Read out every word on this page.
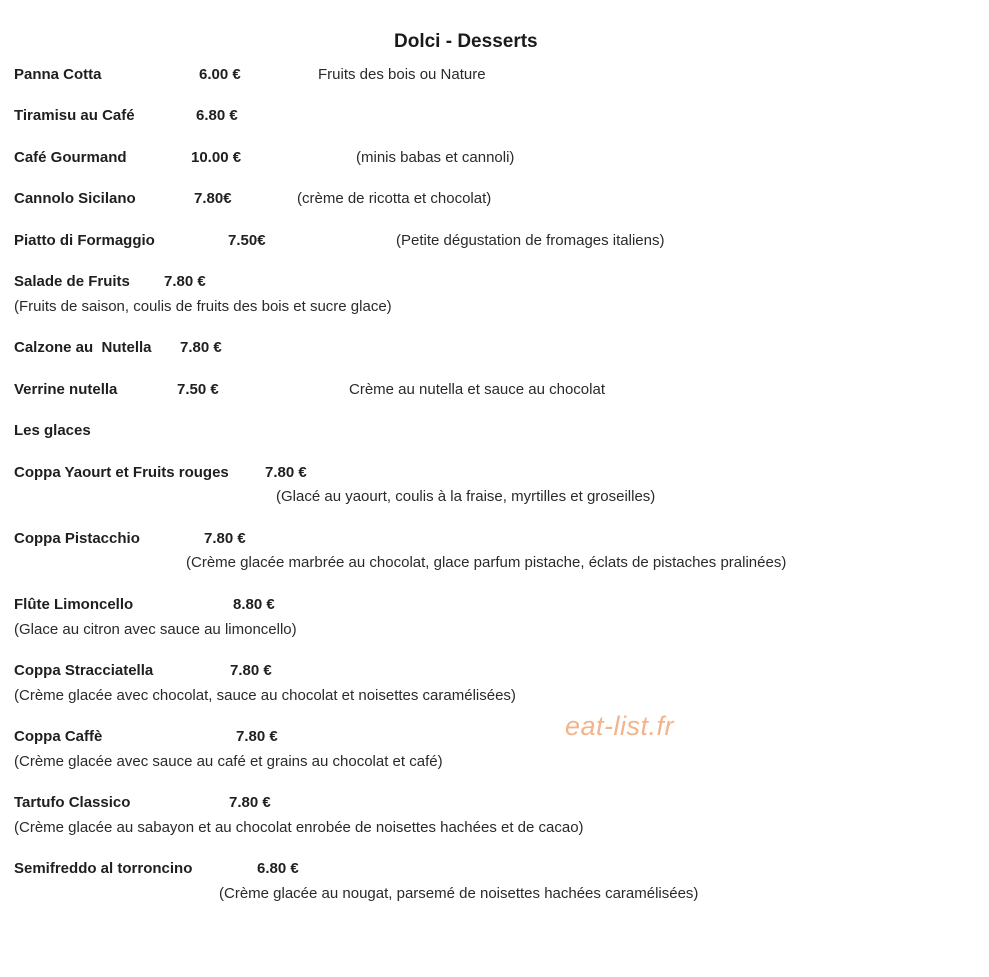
Dolci - Desserts
Panna Cotta	6.00 €	Fruits des bois ou Nature
Tiramisu au Café	6.80 €
Café Gourmand	10.00 €	(minis babas et cannoli)
Cannolo Sicilano	7.80€	(crème de ricotta et chocolat)
Piatto di Formaggio	7.50€	(Petite dégustation de fromages italiens)
Salade de Fruits 7.80 €
(Fruits de saison, coulis de fruits des bois et sucre glace)
Calzone au  Nutella 7.80 €
Verrine nutella	7.50 €	Crème au nutella et sauce au chocolat
Les glaces
Coppa Yaourt et Fruits rouges 7.80 €
(Glacé au yaourt, coulis à la fraise, myrtilles et groseilles)
Coppa Pistacchio	7.80 €
(Crème glacée marbrée au chocolat, glace parfum pistache, éclats de pistaches pralinées)
Flûte Limoncello	8.80 €
(Glace au citron avec sauce au limoncello)
Coppa Stracciatella	7.80 €
(Crème glacée avec chocolat, sauce au chocolat et noisettes caramélisées)
eat-list.fr
Coppa Caffè	7.80 €
(Crème glacée avec sauce au café et grains au chocolat et café)
Tartufo Classico	7.80 €
(Crème glacée au sabayon et au chocolat enrobée de noisettes hachées et de cacao)
Semifreddo al torroncino	6.80 €
(Crème glacée au nougat, parsemé de noisettes hachées caramélisées)
